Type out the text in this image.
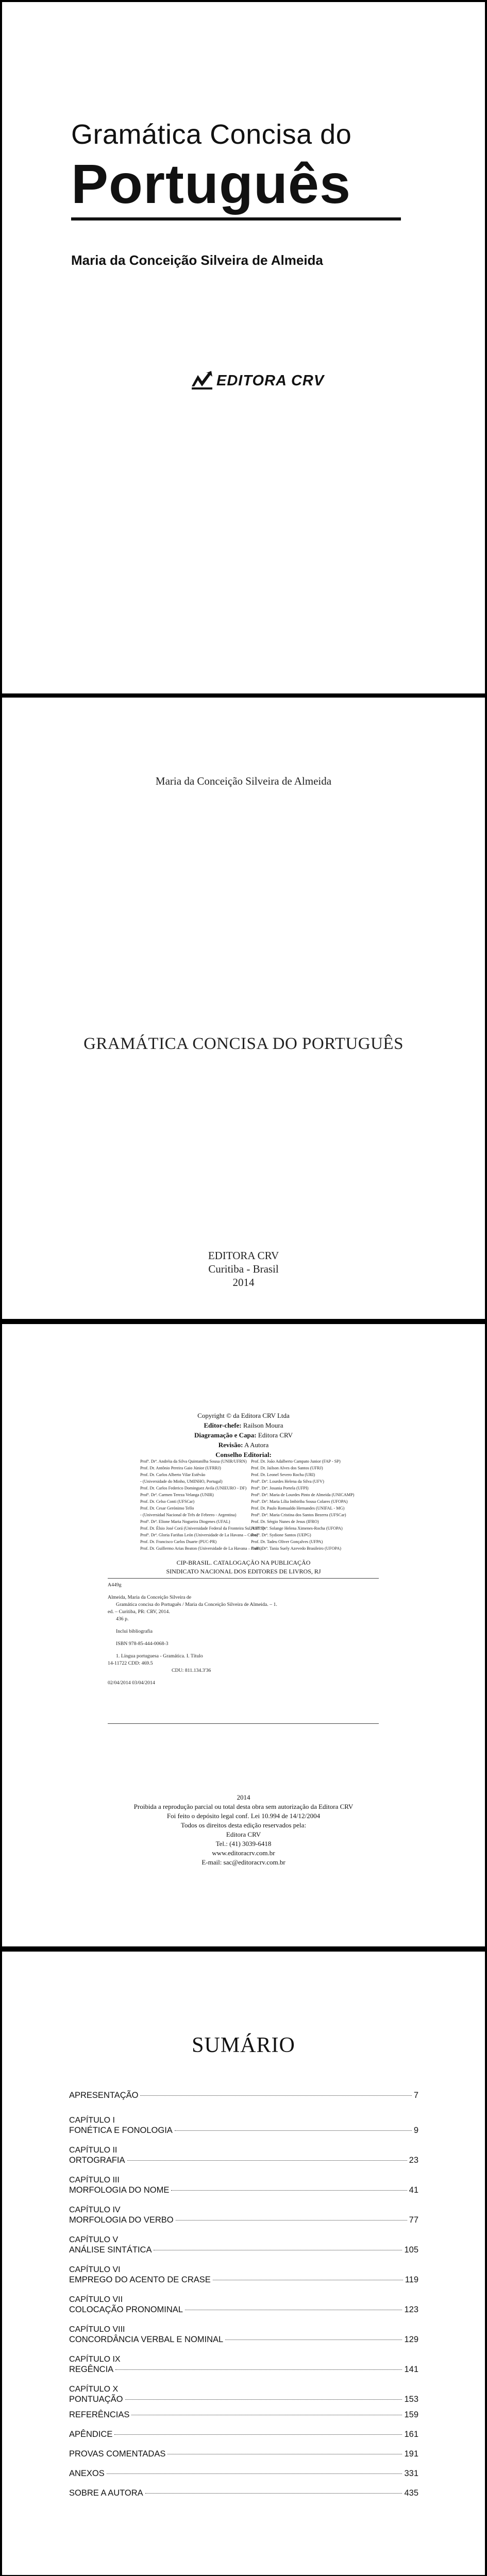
Gramática Concisa do
Português
Maria da Conceição Silveira de Almeida
EDITORA CRV
Maria da Conceição Silveira de Almeida
GRAMÁTICA CONCISA DO PORTUGUÊS
EDITORA CRV
Curitiba - Brasil
2014
Copyright © da Editora CRV Ltda
Editor-chefe: Railson Moura
Diagramação e Capa: Editora CRV
Revisão: A Autora
Conselho Editorial:
Profª. Drª. Andréia da Silva Quintanilha Sousa (UNIR/UFRN)
Prof. Dr. Antônio Pereira Gaio Júnior (UFRRJ)
Prof. Dr. Carlos Alberto Vilar Estêvão
- (Universidade do Minho, UMINHO, Portugal)
Prof. Dr. Carlos Federico Dominguez Avila (UNIEURO - DF)
Profª. Drª. Carmen Tereza Velanga (UNIR)
Prof. Dr. Celso Conti (UFSCar)
Prof. Dr. Cesar Gerónimo Tello
- (Universidad Nacional de Três de Febrero - Argentina)
Profª. Drª. Elione Maria Nogueira Diogenes (UFAL)
Prof. Dr. Élsio José Corá (Universidade Federal da Fronteira Sul, UFFS)
Profª. Drª. Gloria Fariñas León (Universidade de La Havana – Cuba)
Prof. Dr. Francisco Carlos Duarte (PUC-PR)
Prof. Dr. Guillermo Arias Beaton (Universidade de La Havana – Cuba)
Prof. Dr. João Adalberto Campato Junior (FAP - SP)
Prof. Dr. Jailson Alves dos Santos (UFRJ)
Prof. Dr. Leonel Severo Rocha (URI)
Profª. Drª. Lourdes Helena da Silva (UFV)
Profª. Drª. Josania Portela (UFPI)
Profª. Drª. Maria de Lourdes Pinto de Almeida (UNICAMP)
Profª. Drª. Maria Lília Imbiriba Sousa Colares (UFOPA)
Prof. Dr. Paulo Romualdo Hernandes (UNIFAL - MG)
Profª. Drª. Maria Cristina dos Santos Bezerra (UFSCar)
Prof. Dr. Sérgio Nunes de Jesus (IFRO)
Profª. Drª. Solange Helena Ximenes-Rocha (UFOPA)
Profª. Drª. Sydione Santos (UEPG)
Prof. Dr. Tadeu Oliver Gonçalves (UFPA)
Profª. Drª. Tania Suely Azevedo Brasileiro (UFOPA)
CIP-BRASIL. CATALOGAÇÃO NA PUBLICAÇÃO
SINDICATO NACIONAL DOS EDITORES DE LIVROS, RJ
A449g
Almeida, Maria da Conceição Silveira de
Gramática concisa do Português / Maria da Conceição Silveira de Almeida. – 1.
ed. – Curitiba, PR: CRV, 2014.
436 p.
Inclui bibliografia
ISBN 978-85-444-0068-3
1. Língua portuguesa - Gramática. I. Título
14-11722 CDD: 469.5
CDU: 811.134.3'36
02/04/2014 03/04/2014
2014
Proibida a reprodução parcial ou total desta obra sem autorização da Editora CRV
Foi feito o depósito legal conf. Lei 10.994 de 14/12/2004
Todos os direitos desta edição reservados pela:
Editora CRV
Tel.: (41) 3039-6418
www.editoracrv.com.br
E-mail: sac@editoracrv.com.br
SUMÁRIO
APRESENTAÇÃO	7
CAPÍTULO I
FONÉTICA E FONOLOGIA	9
CAPÍTULO II
ORTOGRAFIA	23
CAPÍTULO III
MORFOLOGIA DO NOME	41
CAPÍTULO IV
MORFOLOGIA DO VERBO	77
CAPÍTULO V
ANÁLISE SINTÁTICA	105
CAPÍTULO VI
EMPREGO DO ACENTO DE CRASE	119
CAPÍTULO VII
COLOCAÇÃO PRONOMINAL	123
CAPÍTULO VIII
CONCORDÂNCIA VERBAL E NOMINAL	129
CAPÍTULO IX
REGÊNCIA	141
CAPÍTULO X
PONTUAÇÃO	153
REFERÊNCIAS	159
APÊNDICE	161
PROVAS COMENTADAS	191
ANEXOS	331
SOBRE A AUTORA	435
